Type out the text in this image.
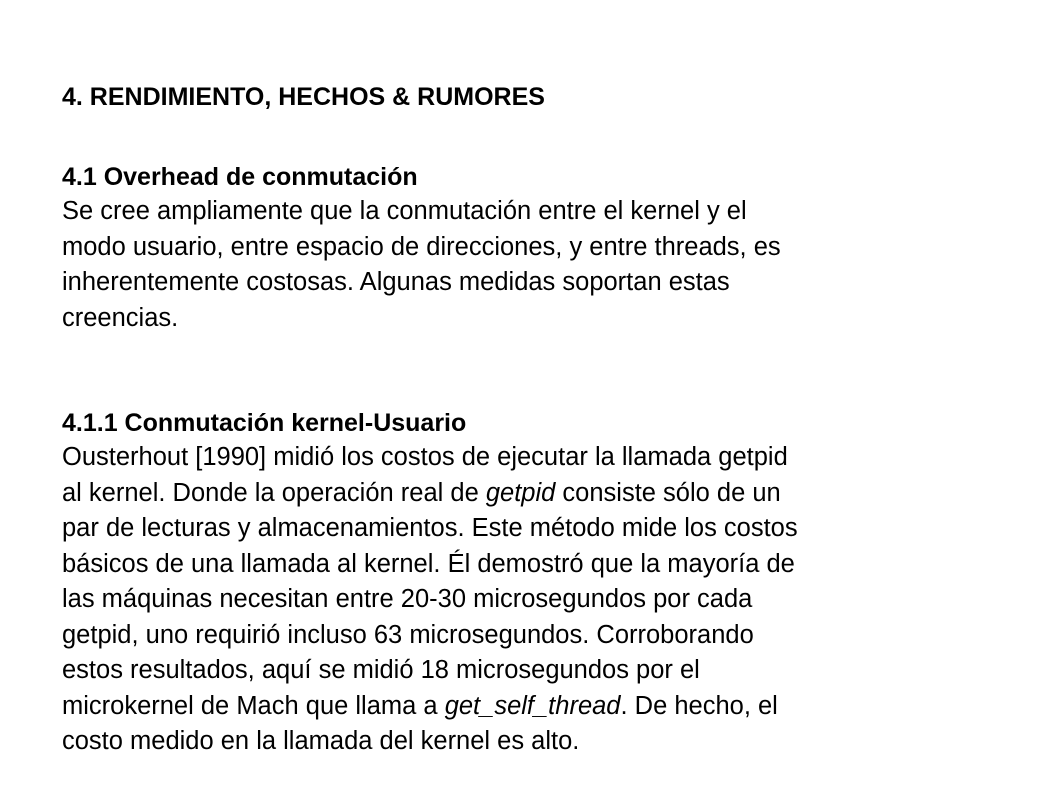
4. RENDIMIENTO, HECHOS & RUMORES
4.1 Overhead de conmutación

Se cree ampliamente que la conmutación entre el kernel y el
modo usuario, entre espacio de direcciones, y entre threads, es
inherentemente costosas. Algunas medidas soportan estas
creencias.

4.1.1 Conmutación kernel-Usuario

Ousterhout [1990] midió los costos de ejecutar la llamada getpid
al kernel. Donde la operación real de getpid consiste sólo de un
par de lecturas y almacenamientos. Este método mide los costos
básicos de una llamada al kernel. Él demostró que la mayoría de
las máquinas necesitan entre 20-30 microsegundos por cada
getpid, uno requirió incluso 63 microsegundos. Corroborando
estos resultados, aquí se midió 18 microsegundos por el
microkernel de Mach que llama a get_self_thread. De hecho, el
costo medido en la llamada del kernel es alto.
